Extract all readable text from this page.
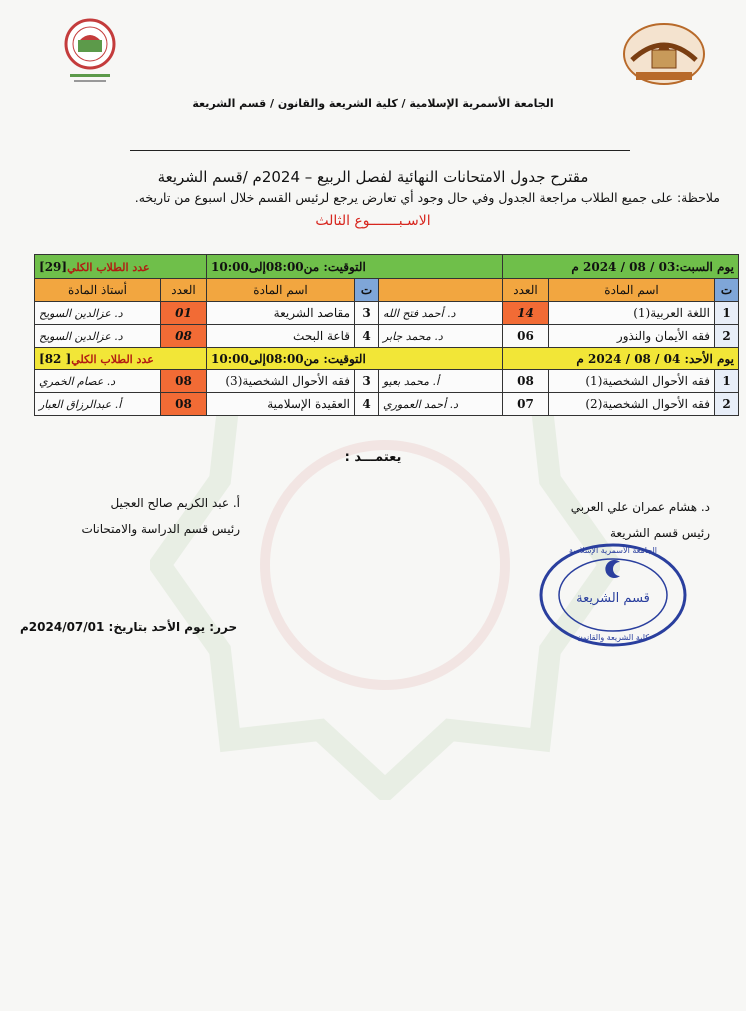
الجامعة الأسمرية الإسلامية / كلية الشريعة والقانون / قسم الشريعة
مقترح جدول الامتحانات النهائية لفصل الربيع – 2024م /قسم الشريعة
ملاحظة: على جميع الطلاب مراجعة الجدول وفي حال وجود أي تعارض يرجع لرئيس القسم خلال اسبوع من تاريخه.
الاسـبـــــــوع الثالث
يوم السبت:03 / 08 / 2024 م			التوقيت: من08:00إلى10:00			عدد الطلاب الكلي[29]	
ت	اسم المادة	العدد		ت	اسم المادة	العدد	أستاذ المادة
1	اللغة العربية(1)	14	د. أحمد فتح الله	3	مقاصد الشريعة	01	د. عزالدين السويح
2	فقه الأيمان والنذور	06	د. محمد جابر	4	قاعة البحث	08	د. عزالدين السويح
يوم الأحد: 04 / 08 / 2024 م			التوقيت: من08:00إلى10:00			عدد الطلاب الكلي[ 82]	
1	فقه الأحوال الشخصية(1)	08	أ. محمد بعيو	3	فقه الأحوال الشخصية(3)	08	د. عصام الخمري
2	فقه الأحوال الشخصية(2)	07	د. أحمد العموري	4	العقيدة الإسلامية	08	أ. عبدالرزاق العبار
يعتمـــد :
د. هشام عمران علي العربي
رئيس قسم الشريعة
أ. عبد الكريم صالح العجيل
رئيس قسم الدراسة والامتحانات
قسم الشريعة
الجامعة الأسمرية الإسلامية
كلية الشريعة والقانون
حرر: يوم الأحد بتاريخ: 2024/07/01م
